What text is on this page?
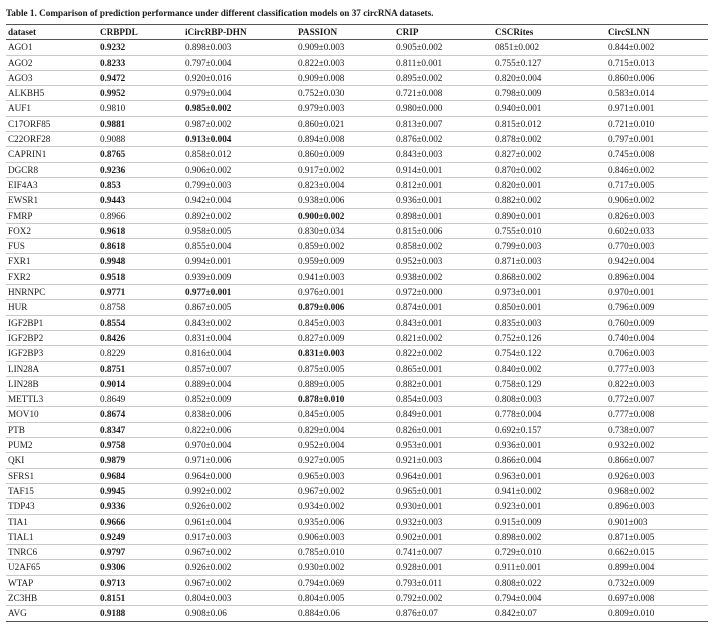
Table 1. Comparison of prediction performance under different classification models on 37 circRNA datasets.
dataset	CRBPDL	iCircRBP-DHN	PASSION	CRIP	CSCRites	CircSLNN
AGO1	0.9232	0.898±0.003	0.909±0.003	0.905±0.002	0851±0.002	0.844±0.002
AGO2	0.8233	0.797±0.004	0.822±0.003	0.811±0.001	0.755±0.127	0.715±0.013
AGO3	0.9472	0.920±0.016	0.909±0.008	0.895±0.002	0.820±0.004	0.860±0.006
ALKBH5	0.9952	0.979±0.004	0.752±0.030	0.721±0.008	0.798±0.009	0.583±0.014
AUF1	0.9810	0.985±0.002	0.979±0.003	0.980±0.000	0.940±0.001	0.971±0.001
C17ORF85	0.9881	0.987±0.002	0.860±0.021	0.813±0.007	0.815±0.012	0.721±0.010
C22ORF28	0.9088	0.913±0.004	0.894±0.008	0.876±0.002	0.878±0.002	0.797±0.001
CAPRIN1	0.8765	0.858±0.012	0.860±0.009	0.843±0.003	0.827±0.002	0.745±0.008
DGCR8	0.9236	0.906±0.002	0.917±0.002	0.914±0.001	0.870±0.002	0.846±0.002
EIF4A3	0.853	0.799±0.003	0.823±0.004	0.812±0.001	0.820±0.001	0.717±0.005
EWSR1	0.9443	0.942±0.004	0.938±0.006	0.936±0.001	0.882±0.002	0.906±0.002
FMRP	0.8966	0.892±0.002	0.900±0.002	0.898±0.001	0.890±0.001	0.826±0.003
FOX2	0.9618	0.958±0.005	0.830±0.034	0.815±0.006	0.755±0.010	0.602±0.033
FUS	0.8618	0.855±0.004	0.859±0.002	0.858±0.002	0.799±0.003	0.770±0.003
FXR1	0.9948	0.994±0.001	0.959±0.009	0.952±0.003	0.871±0.003	0.942±0.004
FXR2	0.9518	0.939±0.009	0.941±0.003	0.938±0.002	0.868±0.002	0.896±0.004
HNRNPC	0.9771	0.977±0.001	0.976±0.001	0.972±0.000	0.973±0.001	0.970±0.001
HUR	0.8758	0.867±0.005	0.879±0.006	0.874±0.001	0.850±0.001	0.796±0.009
IGF2BP1	0.8554	0.843±0.002	0.845±0.003	0.843±0.001	0.835±0.003	0.760±0.009
IGF2BP2	0.8426	0.831±0.004	0.827±0.009	0.821±0.002	0.752±0.126	0.740±0.004
IGF2BP3	0.8229	0.816±0.004	0.831±0.003	0.822±0.002	0.754±0.122	0.706±0.003
LIN28A	0.8751	0.857±0.007	0.875±0.005	0.865±0.001	0.840±0.002	0.777±0.003
LIN28B	0.9014	0.889±0.004	0.889±0.005	0.882±0.001	0.758±0.129	0.822±0.003
METTL3	0.8649	0.852±0.009	0.878±0.010	0.854±0.003	0.808±0.003	0.772±0.007
MOV10	0.8674	0.838±0.006	0.845±0.005	0.849±0.001	0.778±0.004	0.777±0.008
PTB	0.8347	0.822±0.006	0.829±0.004	0.826±0.001	0.692±0.157	0.738±0.007
PUM2	0.9758	0.970±0.004	0.952±0.004	0.953±0.001	0.936±0.001	0.932±0.002
QKI	0.9879	0.971±0.006	0.927±0.005	0.921±0.003	0.866±0.004	0.866±0.007
SFRS1	0.9684	0.964±0.000	0.965±0.003	0.964±0.001	0.963±0.001	0.926±0.003
TAF15	0.9945	0.992±0.002	0.967±0.002	0.965±0.001	0.941±0.002	0.968±0.002
TDP43	0.9336	0.926±0.002	0.934±0.002	0.930±0.001	0.923±0.001	0.896±0.003
TIA1	0.9666	0.961±0.004	0.935±0.006	0.932±0.003	0.915±0.009	0.901±003
TIAL1	0.9249	0.917±0.003	0.906±0.003	0.902±0.001	0.898±0.002	0.871±0.005
TNRC6	0.9797	0.967±0.002	0.785±0.010	0.741±0.007	0.729±0.010	0.662±0.015
U2AF65	0.9306	0.926±0.002	0.930±0.002	0.928±0.001	0.911±0.001	0.899±0.004
WTAP	0.9713	0.967±0.002	0.794±0.069	0.793±0.011	0.808±0.022	0.732±0.009
ZC3HB	0.8151	0.804±0.003	0.804±0.005	0.792±0.002	0.794±0.004	0.697±0.008
AVG	0.9188	0.908±0.06	0.884±0.06	0.876±0.07	0.842±0.07	0.809±0.010
